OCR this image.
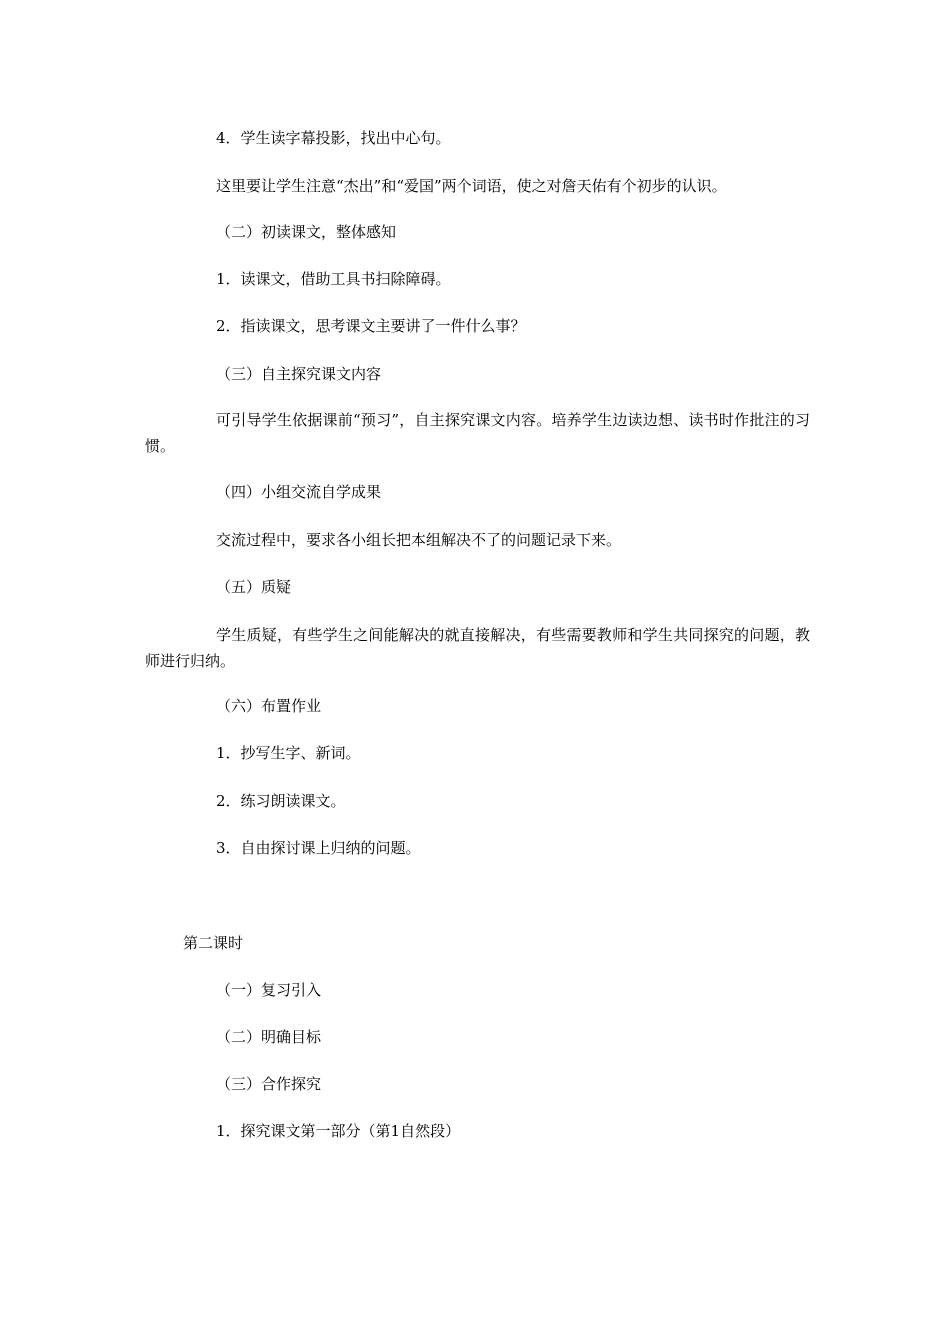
4．学生读字幕投影，找出中心句。
这里要让学生注意“杰出”和“爱国”两个词语，使之对詹天佑有个初步的认识。
（二）初读课文，整体感知
1．读课文，借助工具书扫除障碍。
2．指读课文，思考课文主要讲了一件什么事？
（三）自主探究课文内容
可引导学生依据课前“预习”，自主探究课文内容。培养学生边读边想、读书时作批注的习惯。
（四）小组交流自学成果
交流过程中，要求各小组长把本组解决不了的问题记录下来。
（五）质疑
学生质疑，有些学生之间能解决的就直接解决，有些需要教师和学生共同探究的问题，教师进行归纳。
（六）布置作业
1．抄写生字、新词。
2．练习朗读课文。
3．自由探讨课上归纳的问题。
第二课时
（一）复习引入
（二）明确目标
（三）合作探究
1．探究课文第一部分（第1自然段）
